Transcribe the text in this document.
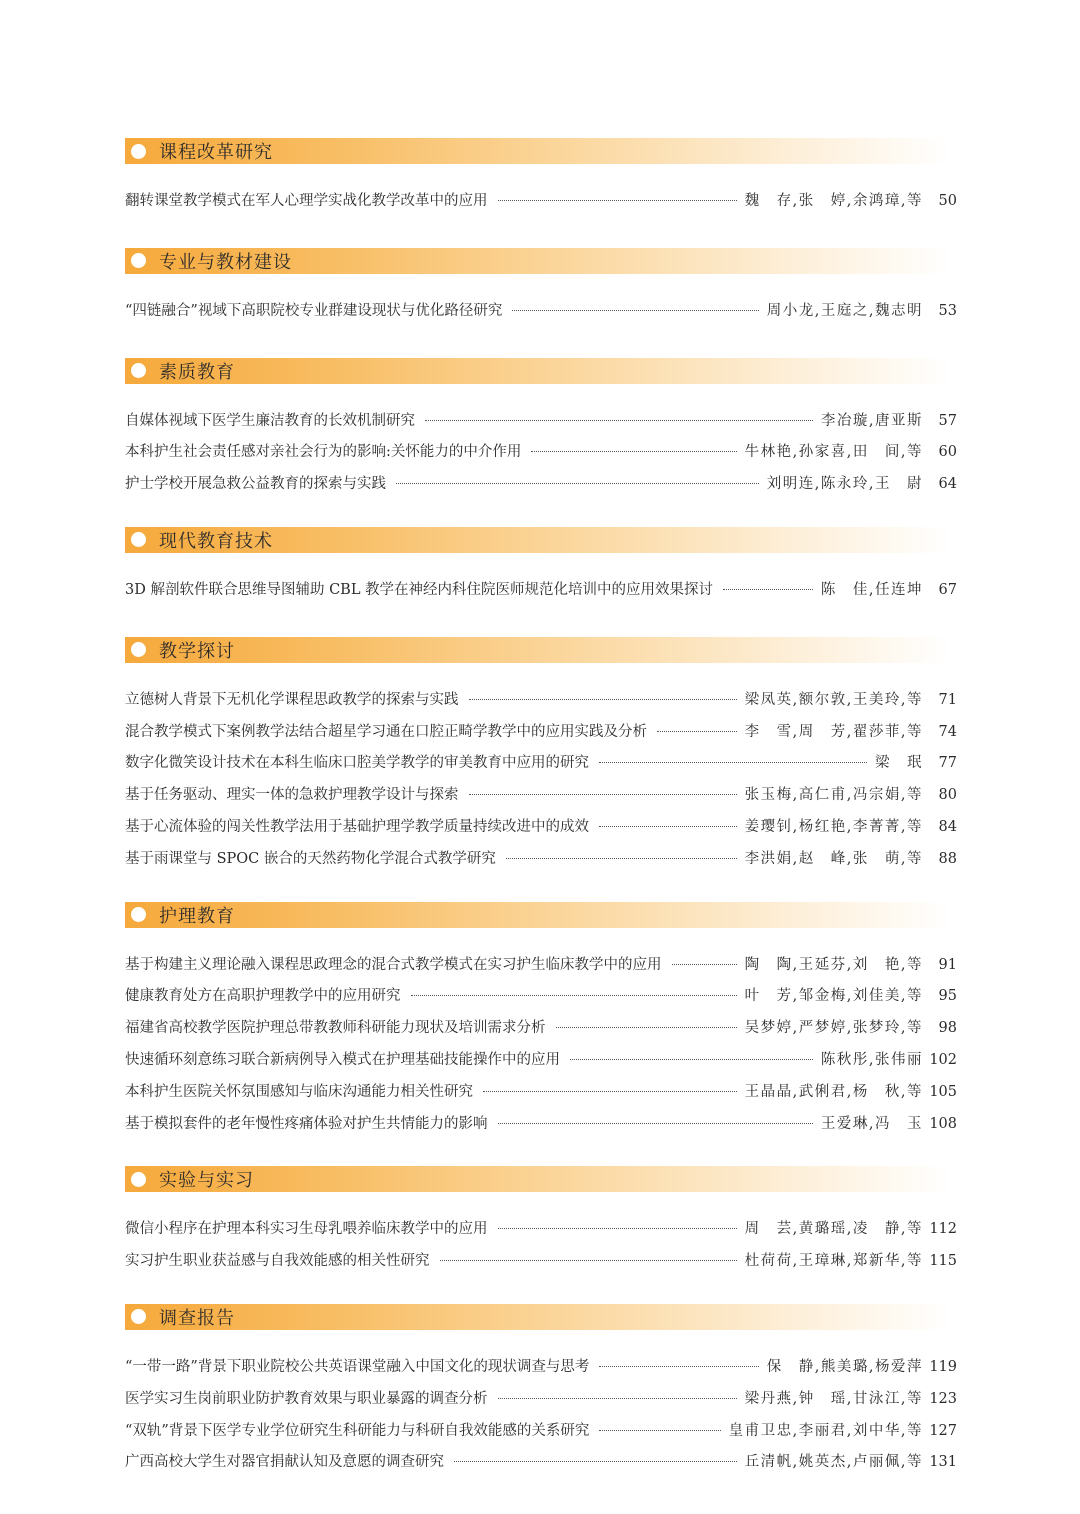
课程改革研究
翻转课堂教学模式在军人心理学实战化教学改革中的应用	魏　存,张　婷,余鸿璋,等	50
专业与教材建设
“四链融合”视域下高职院校专业群建设现状与优化路径研究	周小龙,王庭之,魏志明	53
素质教育
自媒体视域下医学生廉洁教育的长效机制研究	李冶璇,唐亚斯	57
本科护生社会责任感对亲社会行为的影响:关怀能力的中介作用	牛林艳,孙家喜,田　间,等	60
护士学校开展急救公益教育的探索与实践	刘明连,陈永玲,王　尉	64
现代教育技术
3D 解剖软件联合思维导图辅助 CBL 教学在神经内科住院医师规范化培训中的应用效果探讨	陈　佳,任连坤	67
教学探讨
立德树人背景下无机化学课程思政教学的探索与实践	梁凤英,额尔敦,王美玲,等	71
混合教学模式下案例教学法结合超星学习通在口腔正畸学教学中的应用实践及分析	李　雪,周　芳,翟莎菲,等	74
数字化微笑设计技术在本科生临床口腔美学教学的审美教育中应用的研究	梁　珉	77
基于任务驱动、理实一体的急救护理教学设计与探索	张玉梅,高仁甫,冯宗娟,等	80
基于心流体验的闯关性教学法用于基础护理学教学质量持续改进中的成效	姜璎钊,杨红艳,李菁菁,等	84
基于雨课堂与 SPOC 嵌合的天然药物化学混合式教学研究	李洪娟,赵　峰,张　萌,等	88
护理教育
基于构建主义理论融入课程思政理念的混合式教学模式在实习护生临床教学中的应用	陶　陶,王延芬,刘　艳,等	91
健康教育处方在高职护理教学中的应用研究	叶　芳,邹金梅,刘佳美,等	95
福建省高校教学医院护理总带教教师科研能力现状及培训需求分析	吴梦婷,严梦婷,张梦玲,等	98
快速循环刻意练习联合新病例导入模式在护理基础技能操作中的应用	陈秋彤,张伟丽 102
本科护生医院关怀氛围感知与临床沟通能力相关性研究	王晶晶,武俐君,杨　秋,等 105
基于模拟套件的老年慢性疼痛体验对护生共情能力的影响	王爱琳,冯　玉 108
实验与实习
微信小程序在护理本科实习生母乳喂养临床教学中的应用	周　芸,黄璐瑶,凌　静,等 112
实习护生职业获益感与自我效能感的相关性研究	杜荷荷,王璋琳,郑新华,等 115
调查报告
“一带一路”背景下职业院校公共英语课堂融入中国文化的现状调查与思考	保　静,熊美璐,杨爱萍 119
医学实习生岗前职业防护教育效果与职业暴露的调查分析	梁丹燕,钟　瑶,甘泳江,等 123
“双轨”背景下医学专业学位研究生科研能力与科研自我效能感的关系研究	皇甫卫忠,李丽君,刘中华,等 127
广西高校大学生对器官捐献认知及意愿的调查研究	丘清帆,姚英杰,卢丽佩,等 131
